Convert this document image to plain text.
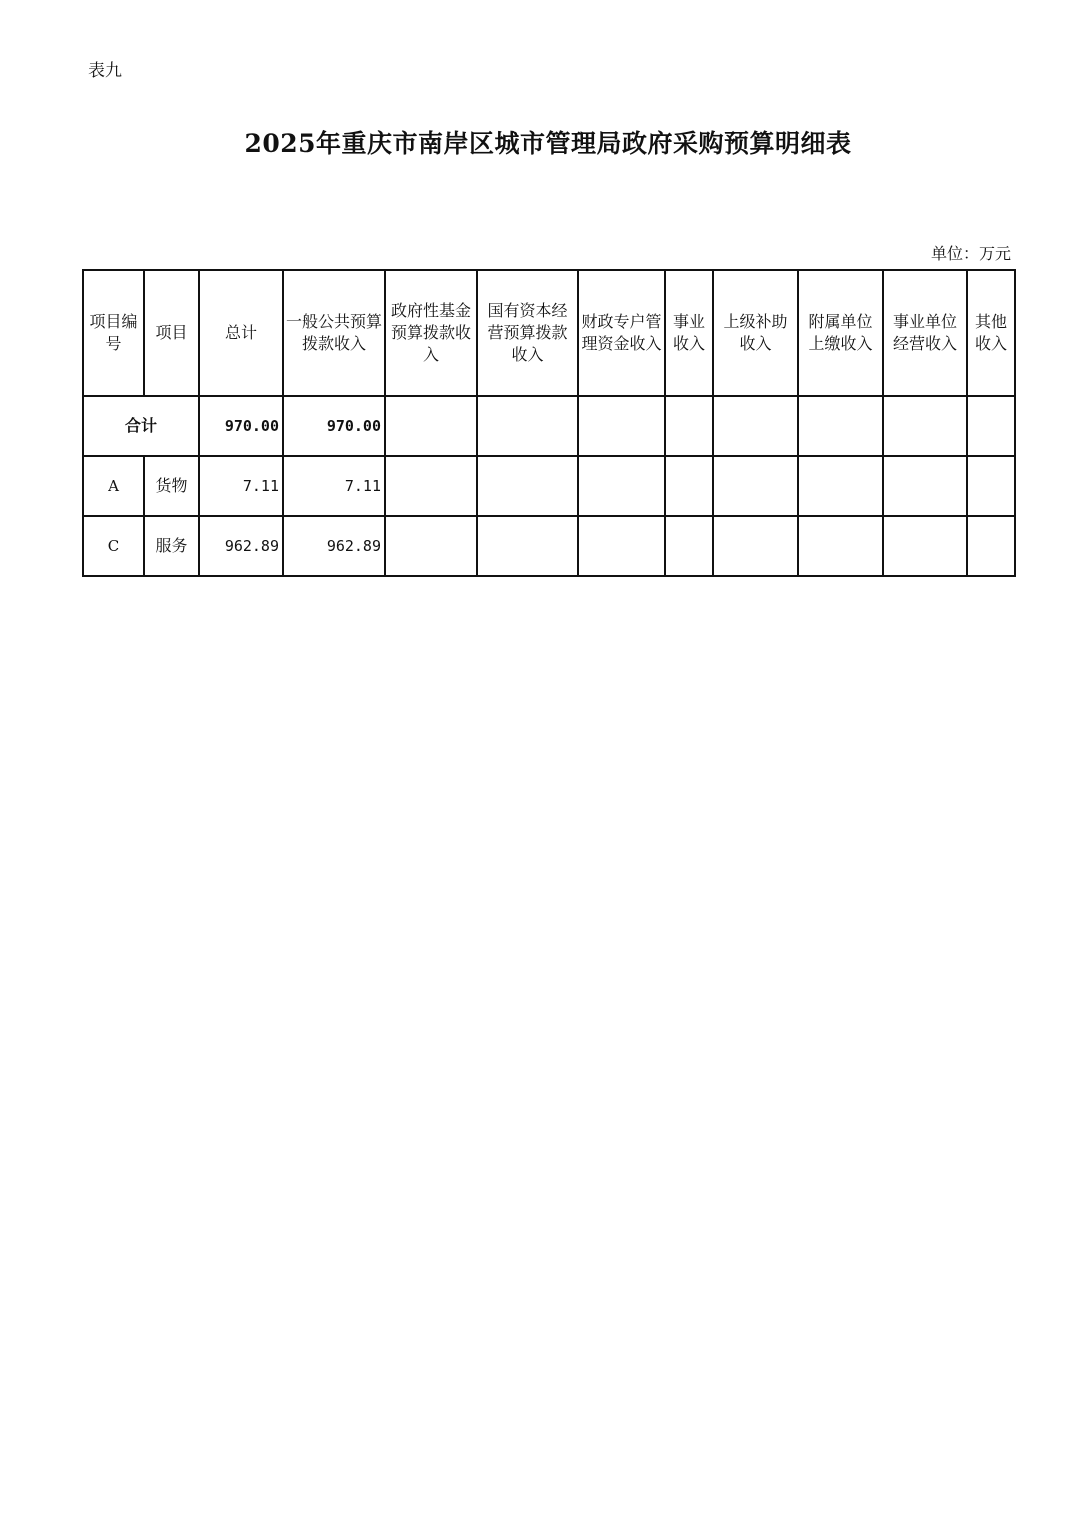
表九
2025年重庆市南岸区城市管理局政府采购预算明细表
单位：万元
项目编号	项目	总计	一般公共预算拨款收入	政府性基金预算拨款收入	国有资本经营预算拨款收入	财政专户管理资金收入	事业收入	上级补助收入	附属单位上缴收入	事业单位经营收入	其他收入
合计		970.00	970.00								
A	货物	7.11	7.11								
C	服务	962.89	962.89								
